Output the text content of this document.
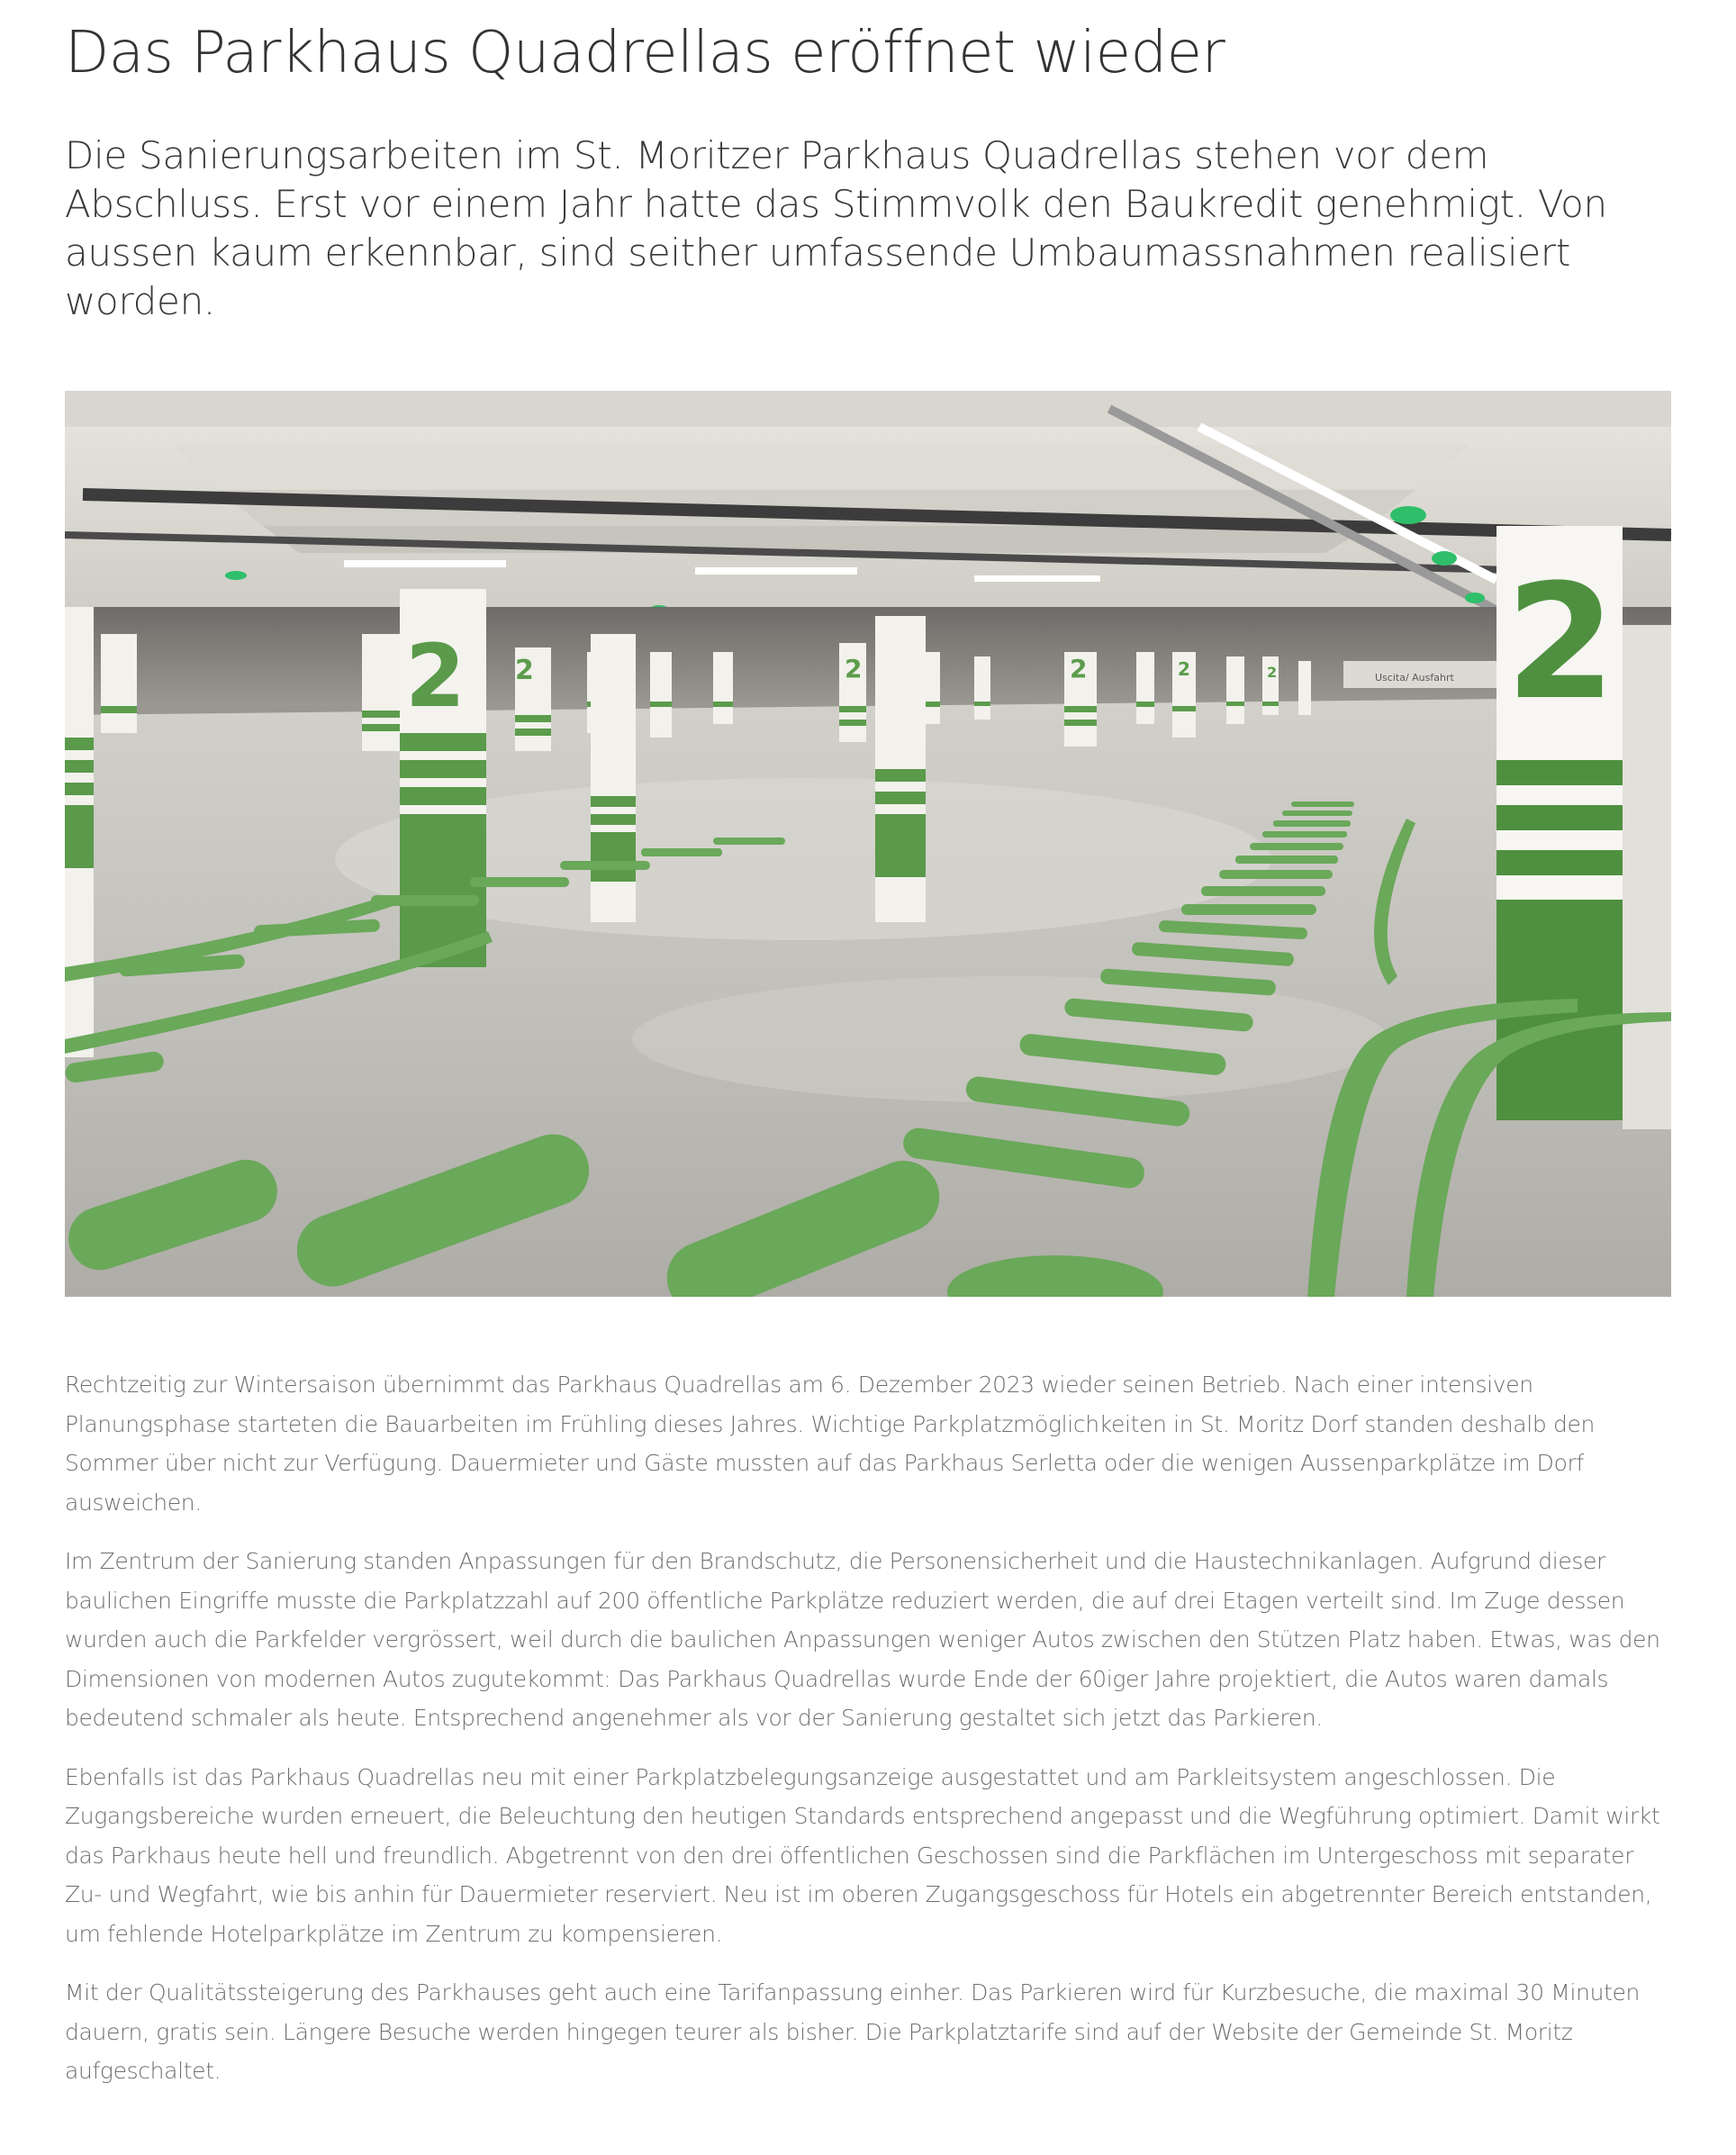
Das Parkhaus Quadrellas eröffnet wieder

Die Sanierungsarbeiten im St. Moritzer Parkhaus Quadrellas stehen vor dem Abschluss. Erst vor einem Jahr hatte das Stimmvolk den Baukredit genehmigt. Von aussen kaum erkennbar, sind seither umfassende Umbaumassnahmen realisiert worden.

2	2	2	2	2	Uscita/ Ausfahrt
2	2

Rechtzeitig zur Wintersaison übernimmt das Parkhaus Quadrellas am 6. Dezember 2023 wieder seinen Betrieb. Nach einer intensiven Planungsphase starteten die Bauarbeiten im Frühling dieses Jahres. Wichtige Parkplatzmöglichkeiten in St. Moritz Dorf standen deshalb den Sommer über nicht zur Verfügung. Dauermieter und Gäste mussten auf das Parkhaus Serletta oder die wenigen Aussenparkplätze im Dorf ausweichen.

Im Zentrum der Sanierung standen Anpassungen für den Brandschutz, die Personensicherheit und die Haustechnikanlagen. Aufgrund dieser baulichen Eingriffe musste die Parkplatzzahl auf 200 öffentliche Parkplätze reduziert werden, die auf drei Etagen verteilt sind. Im Zuge dessen wurden auch die Parkfelder vergrössert, weil durch die baulichen Anpassungen weniger Autos zwischen den Stützen Platz haben. Etwas, was den Dimensionen von modernen Autos zugutekommt: Das Parkhaus Quadrellas wurde Ende der 60iger Jahre projektiert, die Autos waren damals bedeutend schmaler als heute. Entsprechend angenehmer als vor der Sanierung gestaltet sich jetzt das Parkieren.

Ebenfalls ist das Parkhaus Quadrellas neu mit einer Parkplatzbelegungsanzeige ausgestattet und am Parkleitsystem angeschlossen. Die Zugangsbereiche wurden erneuert, die Beleuchtung den heutigen Standards entsprechend angepasst und die Wegführung optimiert. Damit wirkt das Parkhaus heute hell und freundlich. Abgetrennt von den drei öffentlichen Geschossen sind die Parkflächen im Untergeschoss mit separater Zu- und Wegfahrt, wie bis anhin für Dauermieter reserviert. Neu ist im oberen Zugangsgeschoss für Hotels ein abgetrennter Bereich entstanden, um fehlende Hotelparkplätze im Zentrum zu kompensieren.

Mit der Qualitätssteigerung des Parkhauses geht auch eine Tarifanpassung einher. Das Parkieren wird für Kurzbesuche, die maximal 30 Minuten dauern, gratis sein. Längere Besuche werden hingegen teurer als bisher. Die Parkplatztarife sind auf der Website der Gemeinde St. Moritz aufgeschaltet.
